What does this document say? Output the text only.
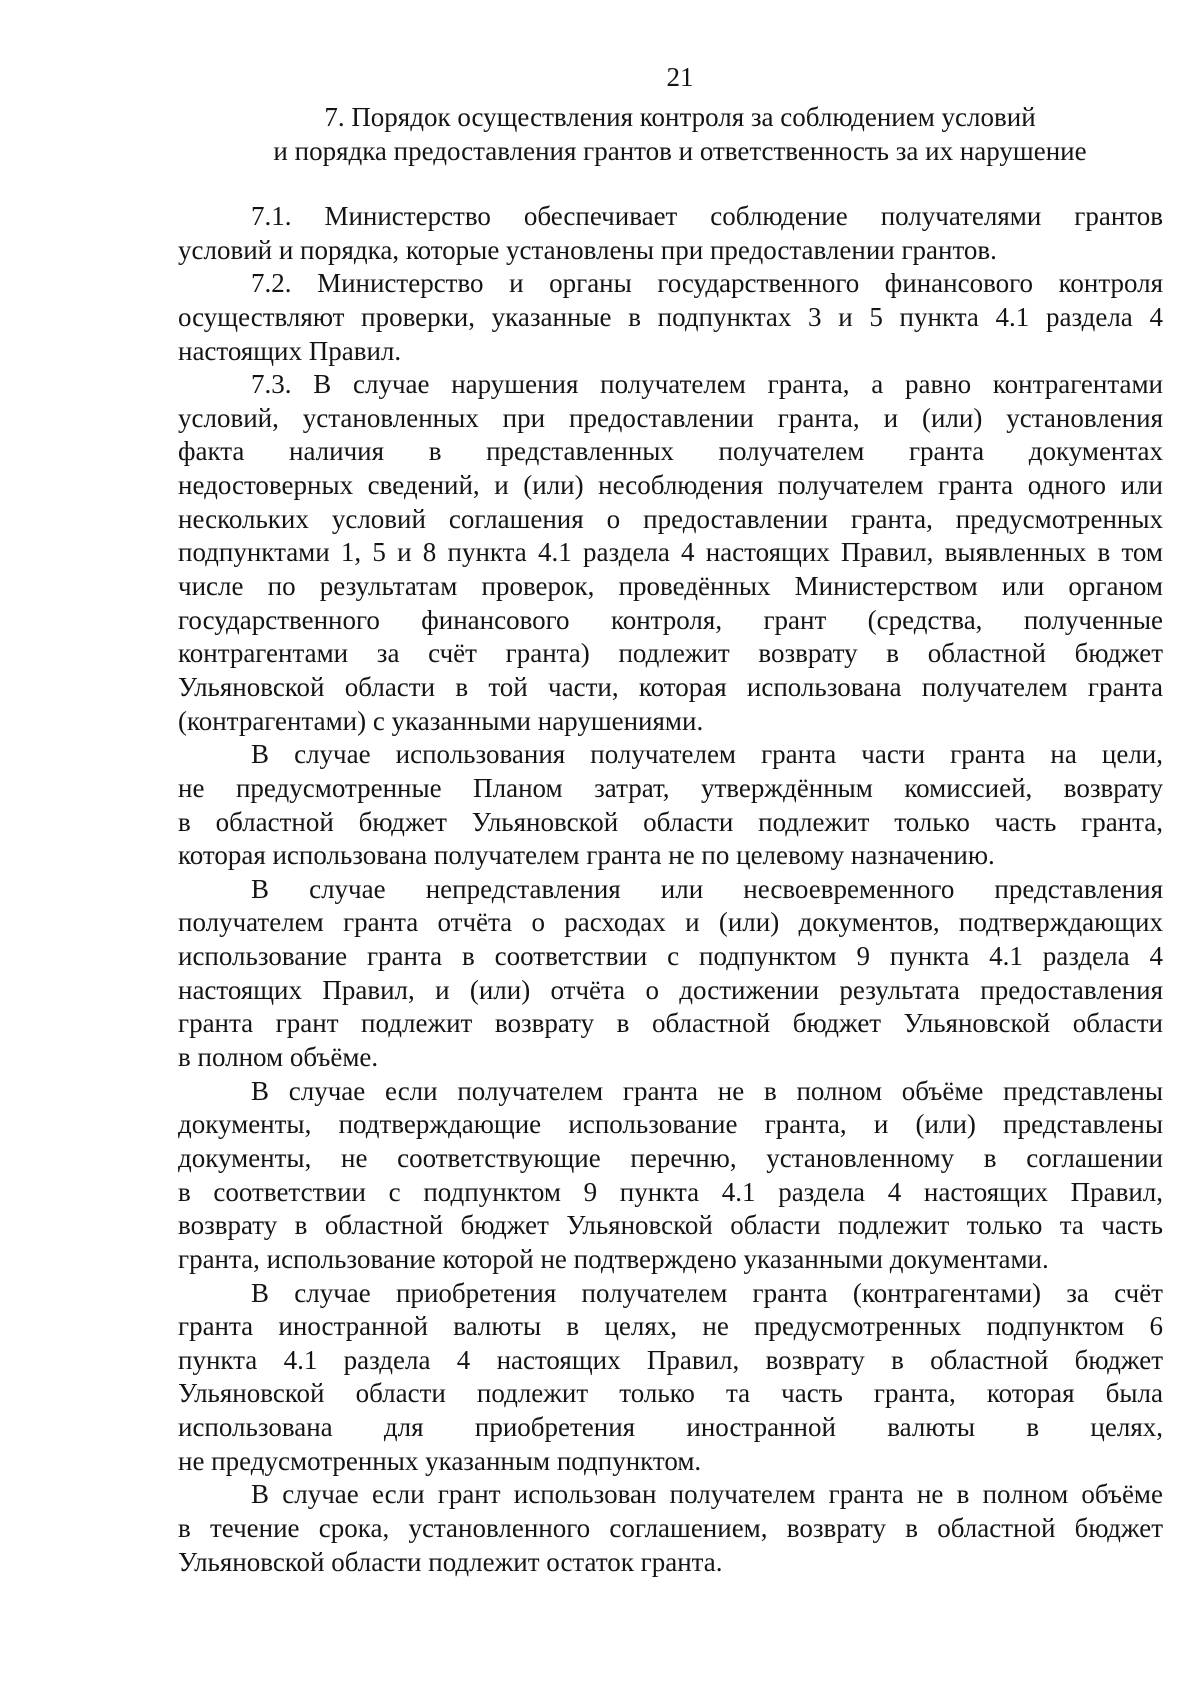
21
7. Порядок осуществления контроля за соблюдением условий
и порядка предоставления грантов и ответственность за их нарушение
7.1. Министерство обеспечивает соблюдение получателями грантов
условий и порядка, которые установлены при предоставлении грантов.
7.2. Министерство и органы государственного финансового контроля
осуществляют проверки, указанные в подпунктах 3 и 5 пункта 4.1 раздела 4
настоящих Правил.
7.3. В случае нарушения получателем гранта, а равно контрагентами
условий, установленных при предоставлении гранта, и (или) установления
факта наличия в представленных получателем гранта документах
недостоверных сведений, и (или) несоблюдения получателем гранта одного или
нескольких условий соглашения о предоставлении гранта, предусмотренных
подпунктами 1, 5 и 8 пункта 4.1 раздела 4 настоящих Правил, выявленных в том
числе по результатам проверок, проведённых Министерством или органом
государственного финансового контроля, грант (средства, полученные
контрагентами за счёт гранта) подлежит возврату в областной бюджет
Ульяновской области в той части, которая использована получателем гранта
(контрагентами) с указанными нарушениями.
В случае использования получателем гранта части гранта на цели,
не предусмотренные Планом затрат, утверждённым комиссией, возврату
в областной бюджет Ульяновской области подлежит только часть гранта,
которая использована получателем гранта не по целевому назначению.
В случае непредставления или несвоевременного представления
получателем гранта отчёта о расходах и (или) документов, подтверждающих
использование гранта в соответствии с подпунктом 9 пункта 4.1 раздела 4
настоящих Правил, и (или) отчёта о достижении результата предоставления
гранта грант подлежит возврату в областной бюджет Ульяновской области
в полном объёме.
В случае если получателем гранта не в полном объёме представлены
документы, подтверждающие использование гранта, и (или) представлены
документы, не соответствующие перечню, установленному в соглашении
в соответствии с подпунктом 9 пункта 4.1 раздела 4 настоящих Правил,
возврату в областной бюджет Ульяновской области подлежит только та часть
гранта, использование которой не подтверждено указанными документами.
В случае приобретения получателем гранта (контрагентами) за счёт
гранта иностранной валюты в целях, не предусмотренных подпунктом 6
пункта 4.1 раздела 4 настоящих Правил, возврату в областной бюджет
Ульяновской области подлежит только та часть гранта, которая была
использована для приобретения иностранной валюты в целях,
не предусмотренных указанным подпунктом.
В случае если грант использован получателем гранта не в полном объёме
в течение срока, установленного соглашением, возврату в областной бюджет
Ульяновской области подлежит остаток гранта.
